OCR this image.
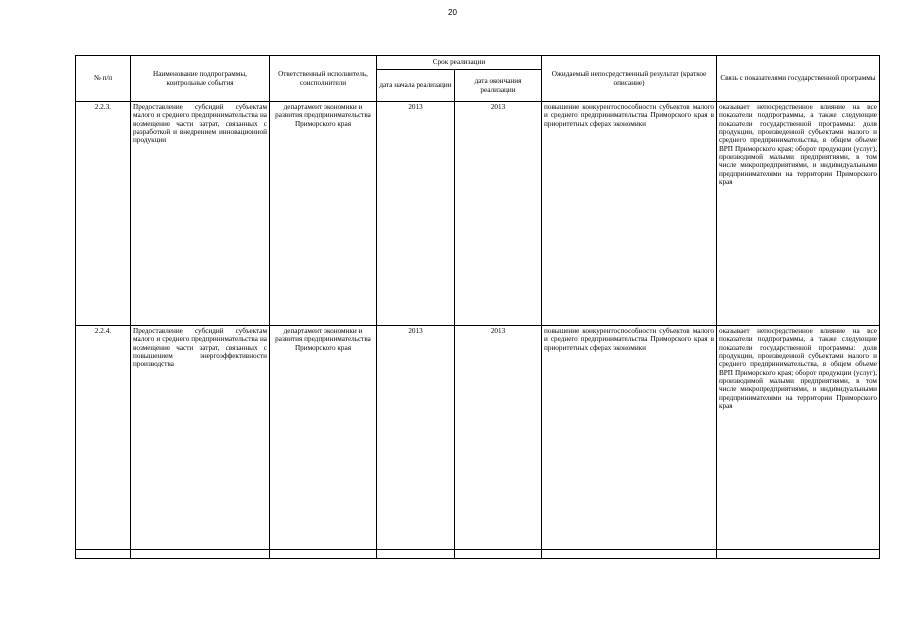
20
№ п/п	Наименование подпрограммы, контрольные события	Ответственный исполнитель, соисполнители	Срок реализации		Ожидаемый непосредственный результат (краткое описание)	Связь с показателями государственной программы
			дата начала реализации	дата окончания реализации		
2.2.3.	Предоставление субсидий субъектам малого и среднего предпринимательства на возмещение части затрат, связанных с разработкой и внедрением инновационной продукции	департамент экономики и развития предпринимательства Приморского края	2013	2013	повышение конкурентоспособности субъектов малого и среднего предпринимательства Приморского края в приоритетных сферах экономики	оказывает непосредственное влияние на все показатели подпрограммы, а также следующие показатели государственной программы: доля продукции, произведенной субъектами малого и среднего предпринимательства, в общем объеме ВРП Приморского края; оборот продукции (услуг), производимой малыми предприятиями, в том числе микропредприятиями, и индивидуальными предпринимателями на территории Приморского края
2.2.4.	Предоставление субсидий субъектам малого и среднего предпринимательства на возмещение части затрат, связанных с повышением энергоэффективности производства	департамент экономики и развития предпринимательства Приморского края	2013	2013	повышение конкурентоспособности субъектов малого и среднего предпринимательства Приморского края в приоритетных сферах экономики	оказывает непосредственное влияние на все показатели подпрограммы, а также следующие показатели государственной программы: доля продукции, произведенной субъектами малого и среднего предпринимательства, в общем объеме ВРП Приморского края; оборот продукции (услуг), производимой малыми предприятиями, в том числе микропредприятиями, и индивидуальными предпринимателями на территории Приморского края
